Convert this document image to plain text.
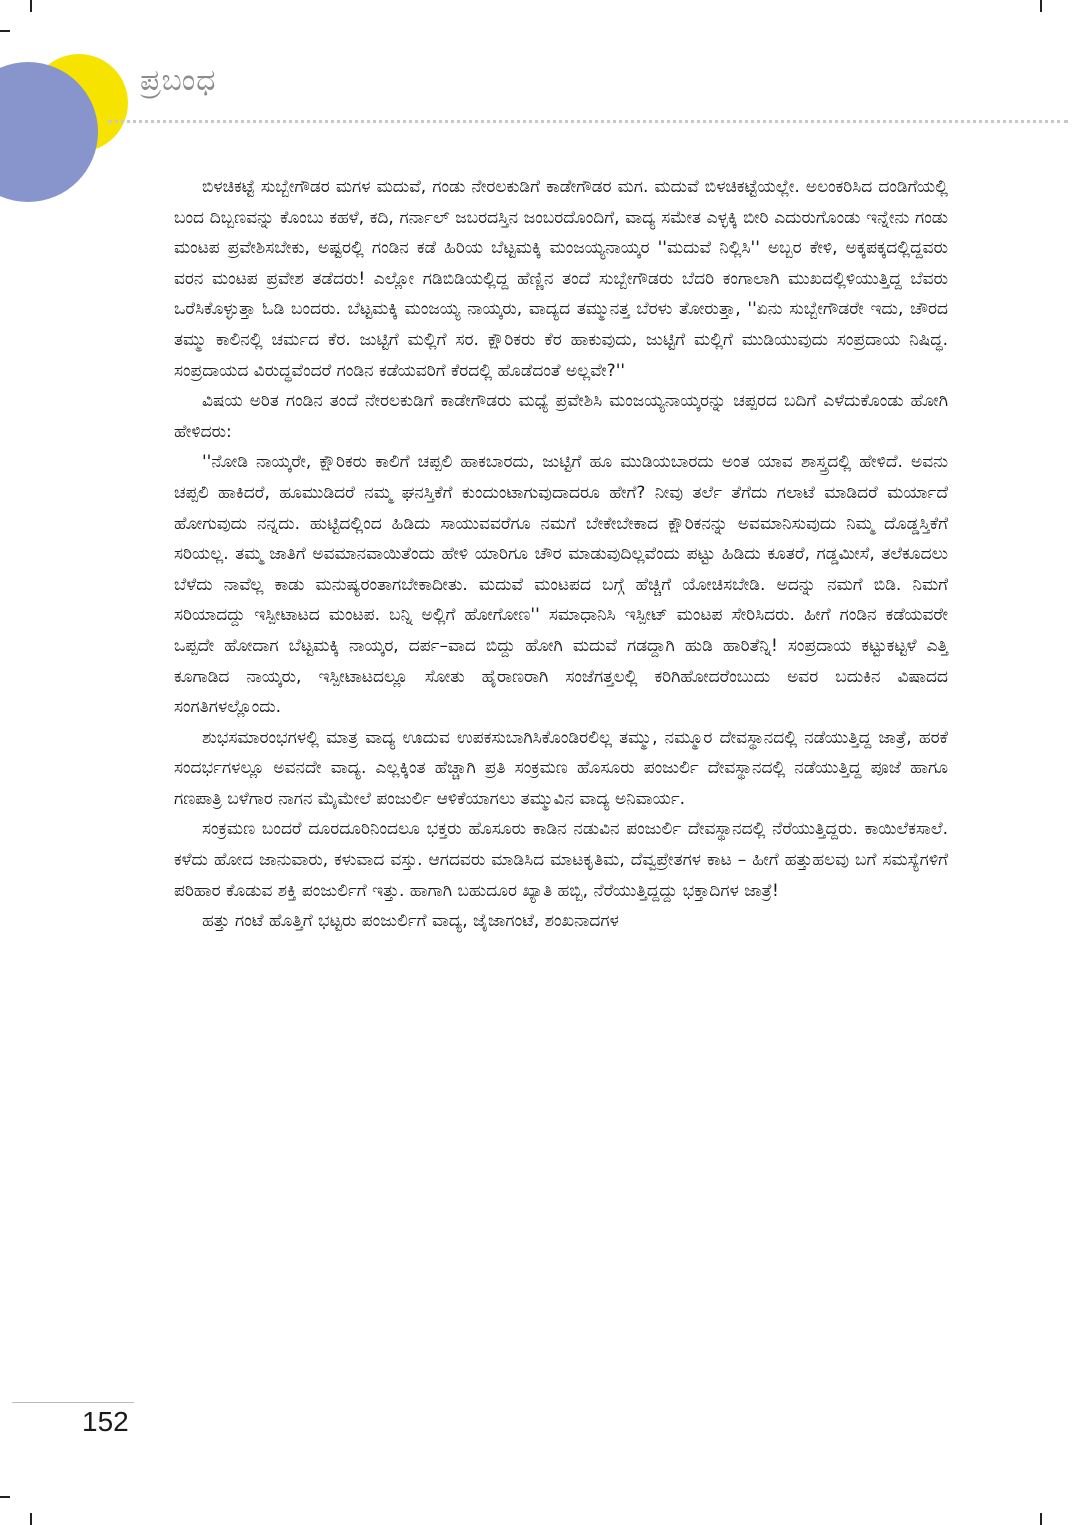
ಪ್ರಬಂಧ

ಬಿಳಚಿಕಟ್ಟೆ ಸುಬ್ಬೇಗೌಡರ ಮಗಳ ಮದುವೆ, ಗಂಡು ನೇರಲಕುಡಿಗೆ ಕಾಡೇಗೌಡರ ಮಗ. ಮದುವೆ ಬಿಳಚಿಕಟ್ಟೆಯಲ್ಲೇ. ಅಲಂಕರಿಸಿದ ದಂಡಿಗೆಯಲ್ಲಿ ಬಂದ ದಿಬ್ಬಣವನ್ನು ಕೊಂಬು ಕಹಳೆ, ಕದಿ, ಗರ್ನಾಲ್ ಜಬರದಸ್ತಿನ ಜಂಬರದೊಂದಿಗೆ, ವಾದ್ಯ ಸಮೇತ ಎಳ್ಳಕ್ಕಿ ಬೀರಿ ಎದುರುಗೊಂಡು ಇನ್ನೇನು ಗಂಡು ಮಂಟಪ ಪ್ರವೇಶಿಸಬೇಕು, ಅಷ್ಟರಲ್ಲಿ ಗಂಡಿನ ಕಡೆ ಹಿರಿಯ ಬೆಟ್ಟಮಕ್ಕಿ ಮಂಜಯ್ಯನಾಯ್ಕರ ''ಮದುವೆ ನಿಲ್ಲಿಸಿ'' ಅಬ್ಬರ ಕೇಳಿ, ಅಕ್ಕಪಕ್ಕದಲ್ಲಿದ್ದವರು ವರನ ಮಂಟಪ ಪ್ರವೇಶ ತಡೆದರು! ಎಲ್ಲೋ ಗಡಿಬಿಡಿಯಲ್ಲಿದ್ದ ಹೆಣ್ಣಿನ ತಂದೆ ಸುಬ್ಬೇಗೌಡರು ಬೆದರಿ ಕಂಗಾಲಾಗಿ ಮುಖದಲ್ಲಿಳಿಯುತ್ತಿದ್ದ ಬೆವರು ಒರೆಸಿಕೊಳ್ಳುತ್ತಾ ಓಡಿ ಬಂದರು. ಬೆಟ್ಟಮಕ್ಕಿ ಮಂಜಯ್ಯ ನಾಯ್ಕರು, ವಾದ್ಯದ ತಮ್ಮುನತ್ತ ಬೆರಳು ತೋರುತ್ತಾ, ''ಏನು ಸುಬ್ಬೇಗೌಡರೇ ಇದು, ಚೌರದ ತಮ್ಮು ಕಾಲಿನಲ್ಲಿ ಚರ್ಮದ ಕೆರ. ಜುಟ್ಟಿಗೆ ಮಲ್ಲಿಗೆ ಸರ. ಕ್ಷೌರಿಕರು ಕೆರ ಹಾಕುವುದು, ಜುಟ್ಟಿಗೆ ಮಲ್ಲಿಗೆ ಮುಡಿಯುವುದು ಸಂಪ್ರದಾಯ ನಿಷಿದ್ಧ. ಸಂಪ್ರದಾಯದ ವಿರುದ್ಧವೆಂದರೆ ಗಂಡಿನ ಕಡೆಯವರಿಗೆ ಕೆರದಲ್ಲಿ ಹೊಡೆದಂತೆ ಅಲ್ಲವೇ?''

ವಿಷಯ ಅರಿತ ಗಂಡಿನ ತಂದೆ ನೇರಲಕುಡಿಗೆ ಕಾಡೇಗೌಡರು ಮಧ್ಯೆ ಪ್ರವೇಶಿಸಿ ಮಂಜಯ್ಯನಾಯ್ಕರನ್ನು ಚಪ್ಪರದ ಬದಿಗೆ ಎಳೆದುಕೊಂಡು ಹೋಗಿ ಹೇಳಿದರು:

''ನೋಡಿ ನಾಯ್ಕರೇ, ಕ್ಷೌರಿಕರು ಕಾಲಿಗೆ ಚಪ್ಪಲಿ ಹಾಕಬಾರದು, ಜುಟ್ಟಿಗೆ ಹೂ ಮುಡಿಯಬಾರದು ಅಂತ ಯಾವ ಶಾಸ್ತ್ರದಲ್ಲಿ ಹೇಳಿದೆ. ಅವನು ಚಪ್ಪಲಿ ಹಾಕಿದರೆ, ಹೂಮುಡಿದರೆ ನಮ್ಮ ಘನಸ್ತಿಕೆಗೆ ಕುಂದುಂಟಾಗುವುದಾದರೂ ಹೇಗೆ? ನೀವು ತರ್ಲೆ ತೆಗೆದು ಗಲಾಟೆ ಮಾಡಿದರೆ ಮರ್ಯಾದೆ ಹೋಗುವುದು ನನ್ನದು. ಹುಟ್ಟಿದಲ್ಲಿಂದ ಹಿಡಿದು ಸಾಯುವವರೆಗೂ ನಮಗೆ ಬೇಕೇಬೇಕಾದ ಕ್ಷೌರಿಕನನ್ನು ಅವಮಾನಿಸುವುದು ನಿಮ್ಮ ದೊಡ್ಡಸ್ತಿಕೆಗೆ ಸರಿಯಲ್ಲ. ತಮ್ಮ ಜಾತಿಗೆ ಅವಮಾನವಾಯಿತೆಂದು ಹೇಳಿ ಯಾರಿಗೂ ಚೌರ ಮಾಡುವುದಿಲ್ಲವೆಂದು ಪಟ್ಟು ಹಿಡಿದು ಕೂತರೆ, ಗಡ್ಡಮೀಸೆ, ತಲೆಕೂದಲು ಬೆಳೆದು ನಾವೆಲ್ಲ ಕಾಡು ಮನುಷ್ಯರಂತಾಗಬೇಕಾದೀತು. ಮದುವೆ ಮಂಟಪದ ಬಗ್ಗೆ ಹೆಚ್ಚಿಗೆ ಯೋಚಿಸಬೇಡಿ. ಅದನ್ನು ನಮಗೆ ಬಿಡಿ. ನಿಮಗೆ ಸರಿಯಾದದ್ದು ಇಸ್ಪೀಟಾಟದ ಮಂಟಪ. ಬನ್ನಿ ಅಲ್ಲಿಗೆ ಹೋಗೋಣ'' ಸಮಾಧಾನಿಸಿ ಇಸ್ಪೀಟ್ ಮಂಟಪ ಸೇರಿಸಿದರು. ಹೀಗೆ ಗಂಡಿನ ಕಡೆಯವರೇ ಒಪ್ಪದೇ ಹೋದಾಗ ಬೆಟ್ಟಮಕ್ಕಿ ನಾಯ್ಕರ, ದರ್ಪ–ವಾದ ಬಿದ್ದು ಹೋಗಿ ಮದುವೆ ಗಡದ್ದಾಗಿ ಹುಡಿ ಹಾರಿತೆನ್ನಿ! ಸಂಪ್ರದಾಯ ಕಟ್ಟುಕಟ್ಟಳೆ ಎತ್ತಿ ಕೂಗಾಡಿದ ನಾಯ್ಕರು, ಇಸ್ಪೀಟಾಟದಲ್ಲೂ ಸೋತು ಹೈರಾಣರಾಗಿ ಸಂಜೆಗತ್ತಲಲ್ಲಿ ಕರಿಗಿಹೋದರೆಂಬುದು ಅವರ ಬದುಕಿನ ವಿಷಾದದ ಸಂಗತಿಗಳಲ್ಲೊಂದು.

ಶುಭಸಮಾರಂಭಗಳಲ್ಲಿ ಮಾತ್ರ ವಾದ್ಯ ಊದುವ ಉಪಕಸುಬಾಗಿಸಿಕೊಂಡಿರಲಿಲ್ಲ ತಮ್ಮು, ನಮ್ಮೂರ ದೇವಸ್ಥಾನದಲ್ಲಿ ನಡೆಯುತ್ತಿದ್ದ ಜಾತ್ರೆ, ಹರಕೆ ಸಂದರ್ಭಗಳಲ್ಲೂ ಅವನದೇ ವಾದ್ಯ. ಎಲ್ಲಕ್ಕಿಂತ ಹೆಚ್ಚಾಗಿ ಪ್ರತಿ ಸಂಕ್ರಮಣ ಹೊಸೂರು ಪಂಜುರ್ಲಿ ದೇವಸ್ಥಾನದಲ್ಲಿ ನಡೆಯುತ್ತಿದ್ದ ಪೂಜೆ ಹಾಗೂ ಗಣಪಾತ್ರಿ ಬಳೆಗಾರ ನಾಗನ ಮೈಮೇಲೆ ಪಂಜುರ್ಲಿ ಆಳಿಕೆಯಾಗಲು ತಮ್ಮುವಿನ ವಾದ್ಯ ಅನಿವಾರ್ಯ.

ಸಂಕ್ರಮಣ ಬಂದರೆ ದೂರದೂರಿನಿಂದಲೂ ಭಕ್ತರು ಹೊಸೂರು ಕಾಡಿನ ನಡುವಿನ ಪಂಜುರ್ಲಿ ದೇವಸ್ಥಾನದಲ್ಲಿ ನೆರೆಯುತ್ತಿದ್ದರು. ಕಾಯಿಲೆಕಸಾಲೆ. ಕಳೆದು ಹೋದ ಜಾನುವಾರು, ಕಳುವಾದ ವಸ್ತು. ಆಗದವರು ಮಾಡಿಸಿದ ಮಾಟಕೃತಿಮ, ದೆವ್ವಪ್ರೇತಗಳ ಕಾಟ – ಹೀಗೆ ಹತ್ತುಹಲವು ಬಗೆ ಸಮಸ್ಯೆಗಳಿಗೆ ಪರಿಹಾರ ಕೊಡುವ ಶಕ್ತಿ ಪಂಜುರ್ಲಿಗೆ ಇತ್ತು. ಹಾಗಾಗಿ ಬಹುದೂರ ಖ್ಯಾತಿ ಹಬ್ಬಿ, ನೆರೆಯುತ್ತಿದ್ದದ್ದು ಭಕ್ತಾದಿಗಳ ಜಾತ್ರೆ!

ಹತ್ತು ಗಂಟೆ ಹೊತ್ತಿಗೆ ಭಟ್ಟರು ಪಂಜುರ್ಲಿಗೆ ವಾದ್ಯ, ಜೈಜಾಗಂಟೆ, ಶಂಖನಾದಗಳ

152
